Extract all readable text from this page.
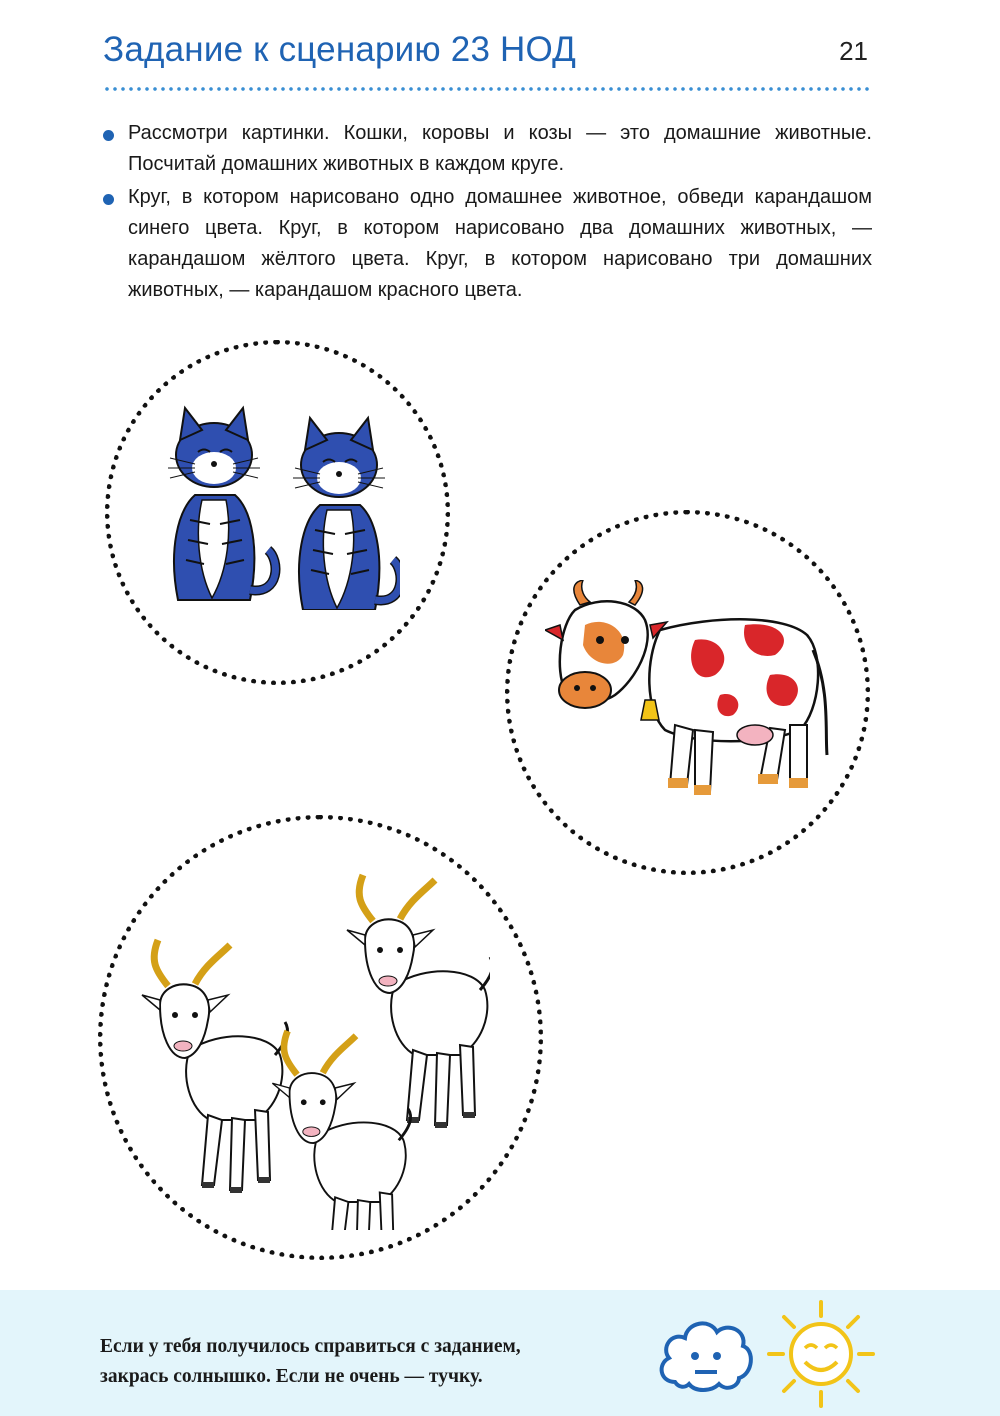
Задание к сценарию 23 НОД	21
Рассмотри картинки. Кошки, коровы и козы — это домашние животные. Посчитай домашних животных в каждом круге.
Круг, в котором нарисовано одно домашнее животное, обведи карандашом синего цвета. Круг, в котором нарисовано два домашних животных, — карандашом жёлтого цвета. Круг, в котором нарисовано три домашних животных, — карандашом красного цвета.
Если у тебя получилось справиться с заданием,
закрась солнышко. Если не очень — тучку.
